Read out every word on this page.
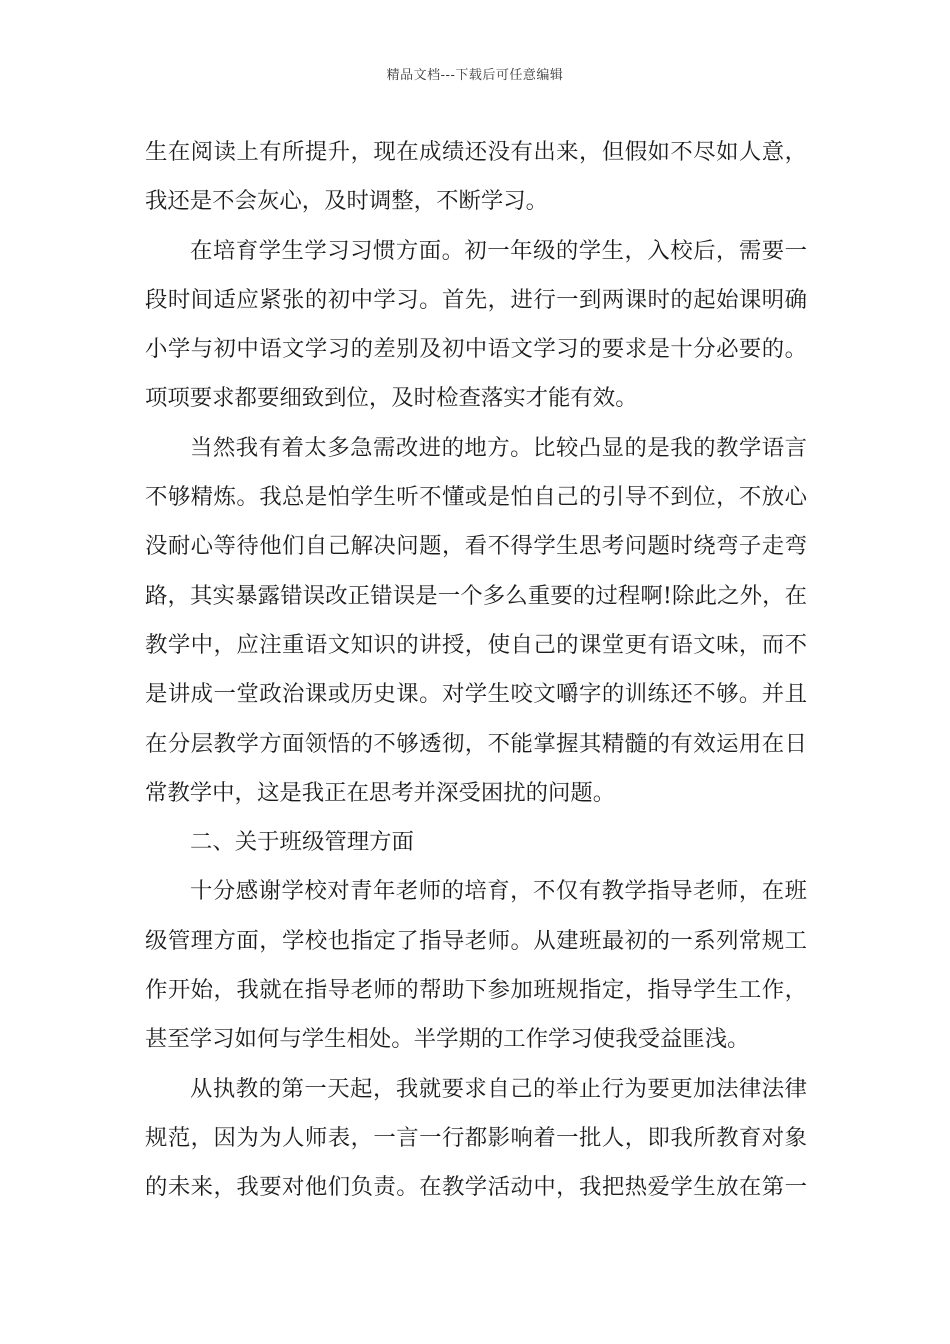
精品文档---下载后可任意编辑
生在阅读上有所提升，现在成绩还没有出来，但假如不尽如人意，
我还是不会灰心，及时调整，不断学习。
在培育学生学习习惯方面。初一年级的学生，入校后，需要一
段时间适应紧张的初中学习。首先，进行一到两课时的起始课明确
小学与初中语文学习的差别及初中语文学习的要求是十分必要的。
项项要求都要细致到位，及时检查落实才能有效。
当然我有着太多急需改进的地方。比较凸显的是我的教学语言
不够精炼。我总是怕学生听不懂或是怕自己的引导不到位，不放心
没耐心等待他们自己解决问题，看不得学生思考问题时绕弯子走弯
路，其实暴露错误改正错误是一个多么重要的过程啊!除此之外，在
教学中，应注重语文知识的讲授，使自己的课堂更有语文味，而不
是讲成一堂政治课或历史课。对学生咬文嚼字的训练还不够。并且
在分层教学方面领悟的不够透彻，不能掌握其精髓的有效运用在日
常教学中，这是我正在思考并深受困扰的问题。
二、关于班级管理方面
十分感谢学校对青年老师的培育，不仅有教学指导老师，在班
级管理方面，学校也指定了指导老师。从建班最初的一系列常规工
作开始，我就在指导老师的帮助下参加班规指定，指导学生工作，
甚至学习如何与学生相处。半学期的工作学习使我受益匪浅。
从执教的第一天起，我就要求自己的举止行为要更加法律法律
规范，因为为人师表，一言一行都影响着一批人，即我所教育对象
的未来，我要对他们负责。在教学活动中，我把热爱学生放在第一
